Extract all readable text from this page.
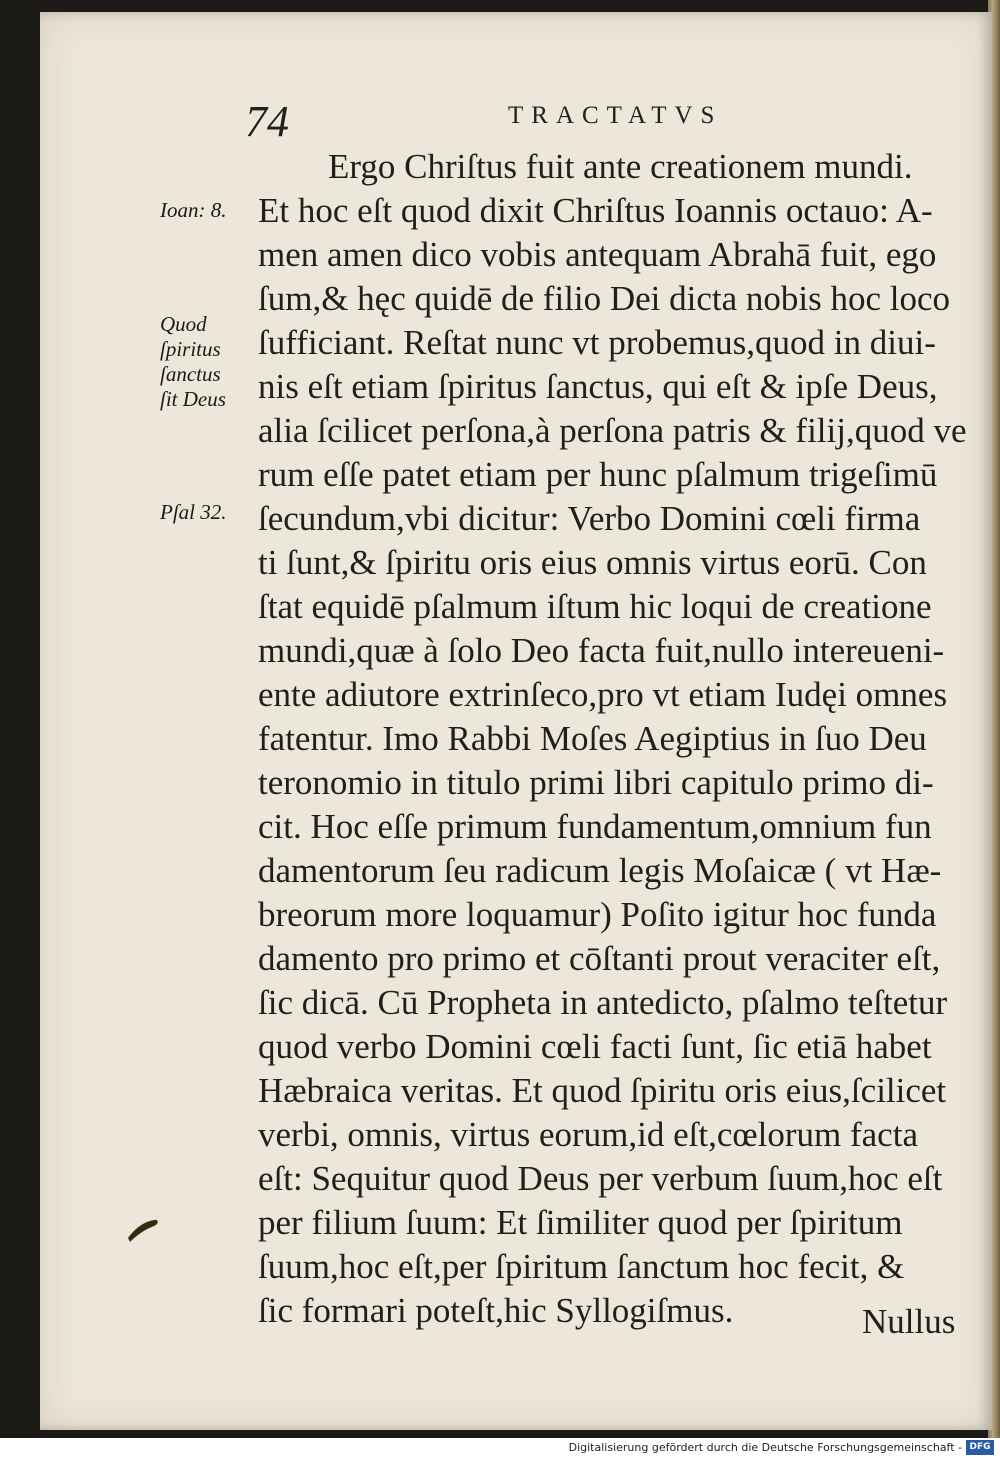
74	TRACTATVS
Ioan: 8.
Quod
ſpiritus
ſanctus
ſit Deus
Pſal 32.
Ergo Chriſtus fuit ante creationem mundi.
Et hoc eſt quod dixit Chriſtus Ioannis octauo: A-
men amen dico vobis antequam Abrahā fuit, ego
ſum,& hęc quidē de filio Dei dicta nobis hoc loco
ſufficiant. Reſtat nunc vt probemus,quod in diui-
nis eſt etiam ſpiritus ſanctus, qui eſt & ipſe Deus,
alia ſcilicet perſona,à perſona patris & filij,quod ve
rum eſſe patet etiam per hunc pſalmum trigeſimū
ſecundum,vbi dicitur: Verbo Domini cœli firma
ti ſunt,& ſpiritu oris eius omnis virtus eorū. Con
ſtat equidē pſalmum iſtum hic loqui de creatione
mundi,quæ à ſolo Deo facta fuit,nullo intereueni-
ente adiutore extrinſeco,pro vt etiam Iudęi omnes
fatentur. Imo Rabbi Moſes Aegiptius in ſuo Deu
teronomio in titulo primi libri capitulo primo di-
cit. Hoc eſſe primum fundamentum,omnium fun
damentorum ſeu radicum legis Moſaicæ ( vt Hæ-
breorum more loquamur) Poſito igitur hoc funda
damento pro primo et cōſtanti prout veraciter eſt,
ſic dicā. Cū Propheta in antedicto, pſalmo teſtetur
quod verbo Domini cœli facti ſunt, ſic etiā habet
Hæbraica veritas. Et quod ſpiritu oris eius,ſcilicet
verbi, omnis, virtus eorum,id eſt,cœlorum facta
eſt: Sequitur quod Deus per verbum ſuum,hoc eſt
per filium ſuum: Et ſimiliter quod per ſpiritum
ſuum,hoc eſt,per ſpiritum ſanctum hoc fecit, &
ſic formari poteſt,hic Syllogiſmus.	Nullus
Digitalisierung gefördert durch die Deutsche Forschungsgemeinschaft - DFG
